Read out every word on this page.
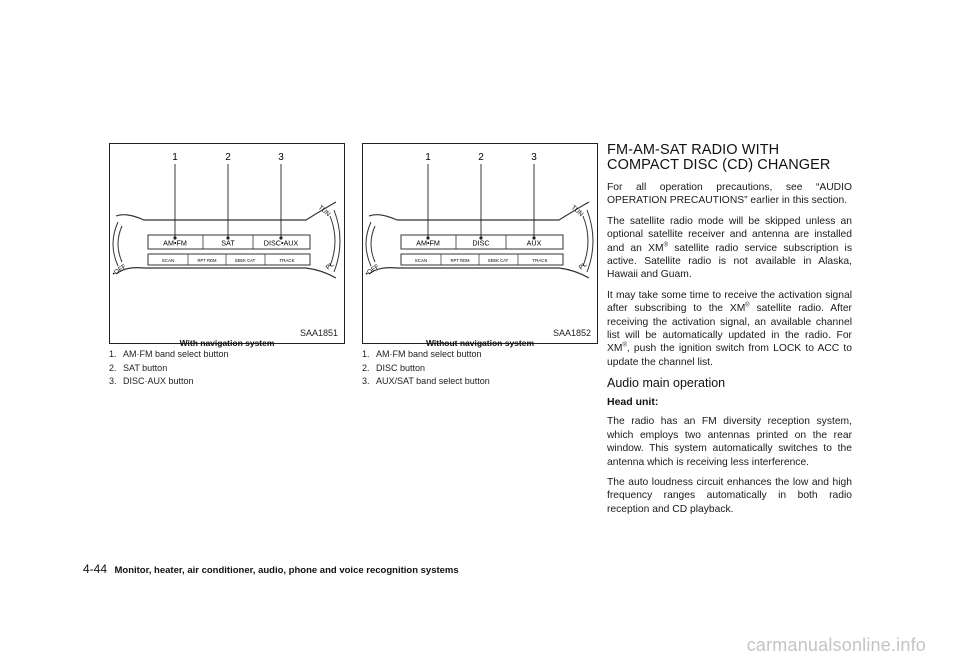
1	2	3
AM•FM	SAT	DISC•AUX
SCAN	RPT RDM	SEEK CAT	TRACK
•OFF
TUN
PL
SAA1851
With navigation system
1. AM·FM band select button
2. SAT button
3. DISC·AUX button
1	2	3
AM•FM	DISC	AUX
SCAN	RPT RDM	SEEK CAT	TRACK
•OFF
TUN
PL
SAA1852
Without navigation system
1. AM·FM band select button
2. DISC button
3. AUX/SAT band select button
FM-AM-SAT RADIO WITH COMPACT DISC (CD) CHANGER

For all operation precautions, see “AUDIO OPERATION PRECAUTIONS” earlier in this section.

The satellite radio mode will be skipped unless an optional satellite receiver and antenna are installed and an XM® satellite radio service subscription is active. Satellite radio is not available in Alaska, Hawaii and Guam.

It may take some time to receive the activation signal after subscribing to the XM® satellite radio. After receiving the activation signal, an available channel list will be automatically updated in the radio. For XM®, push the ignition switch from LOCK to ACC to update the channel list.

Audio main operation
Head unit:

The radio has an FM diversity reception system, which employs two antennas printed on the rear window. This system automatically switches to the antenna which is receiving less interference.

The auto loudness circuit enhances the low and high frequency ranges automatically in both radio reception and CD playback.

4-44 Monitor, heater, air conditioner, audio, phone and voice recognition systems
carmanualsonline.info
